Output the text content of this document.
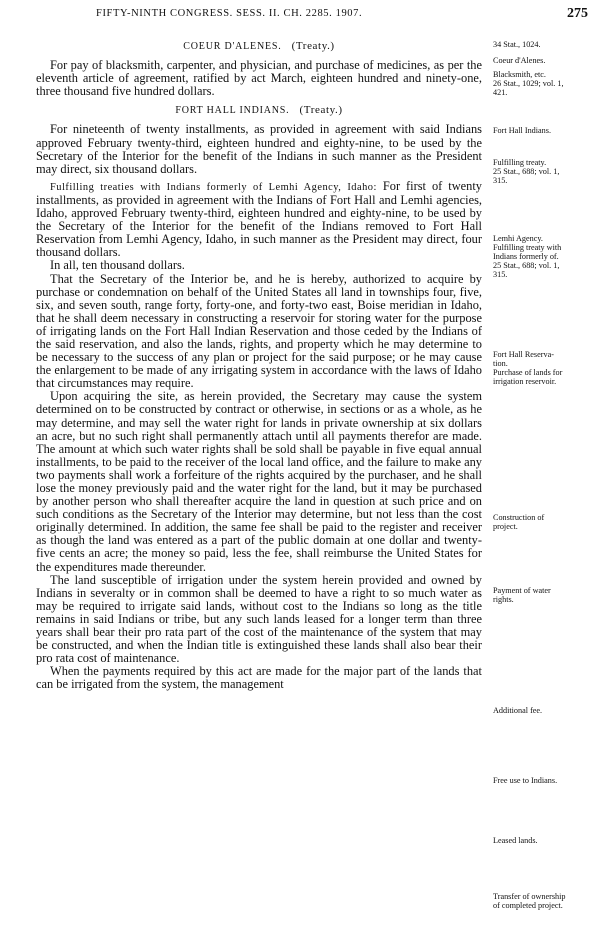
FIFTY-NINTH CONGRESS. SESS. II. CH. 2285. 1907.	275
COEUR D'ALENES. (Treaty.)

For pay of blacksmith, carpenter, and physician, and purchase of medicines, as per the eleventh article of agreement, ratified by act March, eighteen hundred and ninety-one, three thousand five hundred dollars.

FORT HALL INDIANS. (Treaty.)

For nineteenth of twenty installments, as provided in agreement with said Indians approved February twenty-third, eighteen hundred and eighty-nine, to be used by the Secretary of the Interior for the benefit of the Indians in such manner as the President may direct, six thousand dollars.

Fulfilling treaties with Indians formerly of Lemhi Agency, Idaho: For first of twenty installments, as provided in agreement with the Indians of Fort Hall and Lemhi agencies, Idaho, approved February twenty-third, eighteen hundred and eighty-nine, to be used by the Secretary of the Interior for the benefit of the Indians removed to Fort Hall Reservation from Lemhi Agency, Idaho, in such manner as the President may direct, four thousand dollars.

In all, ten thousand dollars.

That the Secretary of the Interior be, and he is hereby, authorized to acquire by purchase or condemnation on behalf of the United States all land in townships four, five, six, and seven south, range forty, forty-one, and forty-two east, Boise meridian in Idaho, that he shall deem necessary in constructing a reservoir for storing water for the purpose of irrigating lands on the Fort Hall Indian Reservation and those ceded by the Indians of the said reservation, and also the lands, rights, and property which he may determine to be necessary to the success of any plan or project for the said purpose; or he may cause the enlargement to be made of any irrigating system in accordance with the laws of Idaho that circumstances may require.

Upon acquiring the site, as herein provided, the Secretary may cause the system determined on to be constructed by contract or otherwise, in sections or as a whole, as he may determine, and may sell the water right for lands in private ownership at six dollars an acre, but no such right shall permanently attach until all payments therefor are made. The amount at which such water rights shall be sold shall be payable in five equal annual installments, to be paid to the receiver of the local land office, and the failure to make any two payments shall work a forfeiture of the rights acquired by the purchaser, and he shall lose the money previously paid and the water right for the land, but it may be purchased by another person who shall thereafter acquire the land in question at such price and on such conditions as the Secretary of the Interior may determine, but not less than the cost originally determined. In addition, the same fee shall be paid to the register and receiver as though the land was entered as a part of the public domain at one dollar and twenty-five cents an acre; the money so paid, less the fee, shall reimburse the United States for the expenditures made thereunder.

The land susceptible of irrigation under the system herein provided and owned by Indians in severalty or in common shall be deemed to have a right to so much water as may be required to irrigate said lands, without cost to the Indians so long as the title remains in said Indians or tribe, but any such lands leased for a longer term than three years shall bear their pro rata part of the cost of the maintenance of the system that may be constructed, and when the Indian title is extinguished these lands shall also bear their pro rata cost of maintenance.

When the payments required by this act are made for the major part of the lands that can be irrigated from the system, the management

34 Stat., 1024.
Coeur d'Alenes.
Blacksmith, etc.
26 Stat., 1029; vol. 1,
421.
Fort Hall Indians.
Fulfilling treaty.
25 Stat., 688; vol. 1,
315.
Lemhi Agency.
Fulfilling treaty with
Indians formerly of.
25 Stat., 688; vol. 1,
315.
Fort Hall Reserva-
tion.
Purchase of lands for
irrigation reservoir.
Construction of
project.
Payment of water
rights.
Additional fee.
Free use to Indians.
Leased lands.
Transfer of ownership
of completed project.
